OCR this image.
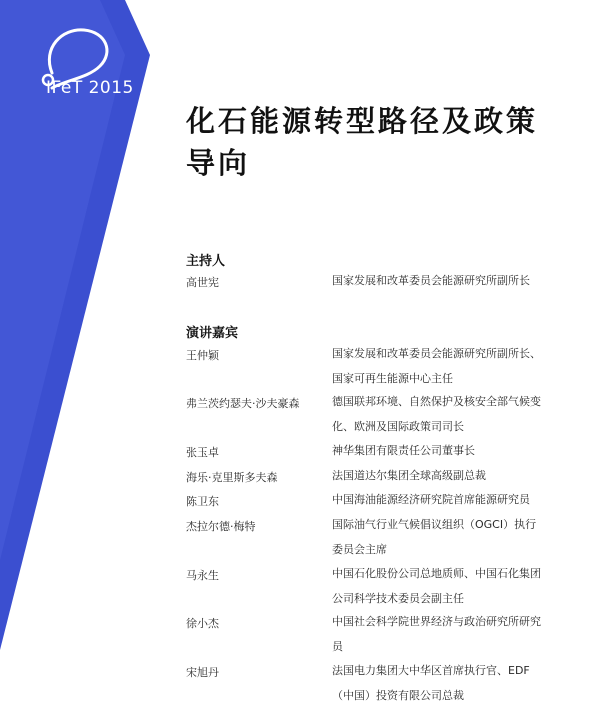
IFeT 2015
化石能源转型路径及政策导向
主持人
高世宪	国家发展和改革委员会能源研究所副所长
演讲嘉宾
王仲颖	国家发展和改革委员会能源研究所副所长、国家可再生能源中心主任
弗兰茨约瑟夫·沙夫豪森	德国联邦环境、自然保护及核安全部气候变化、欧洲及国际政策司司长
张玉卓	神华集团有限责任公司董事长
海乐·克里斯多夫森	法国道达尔集团全球高级副总裁
陈卫东	中国海油能源经济研究院首席能源研究员
杰拉尔德·梅特	国际油气行业气候倡议组织（OGCI）执行委员会主席
马永生	中国石化股份公司总地质师、中国石化集团公司科学技术委员会副主任
徐小杰	中国社会科学院世界经济与政治研究所研究员
宋旭丹	法国电力集团大中华区首席执行官、EDF（中国）投资有限公司总裁
